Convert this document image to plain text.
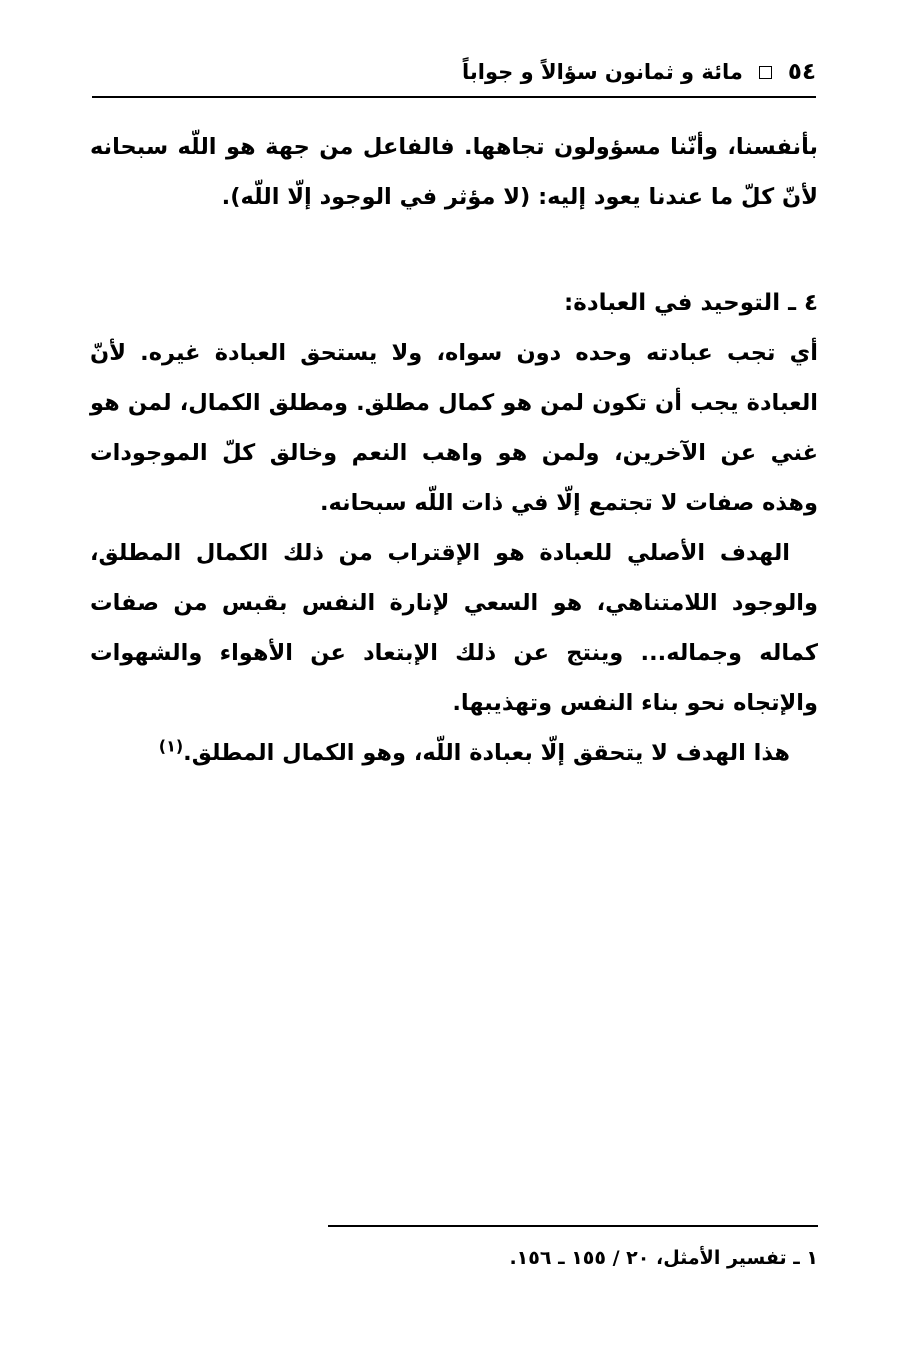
٥٤
مائة و ثمانون سؤالاً و جواباً

بأنفسنا، وأنّنا مسؤولون تجاهها. فالفاعل من جهة هو اللّه سبحانه لأنّ كلّ ما عندنا يعود إليه: (لا مؤثر في الوجود إلّا اللّه).

٤ ـ التوحيد في العبادة:

أي تجب عبادته وحده دون سواه، ولا يستحق العبادة غيره. لأنّ العبادة يجب أن تكون لمن هو كمال مطلق. ومطلق الكمال، لمن هو غني عن الآخرين، ولمن هو واهب النعم وخالق كلّ الموجودات وهذه صفات لا تجتمع إلّا في ذات اللّه سبحانه.

الهدف الأصلي للعبادة هو الإقتراب من ذلك الكمال المطلق، والوجود اللامتناهي، هو السعي لإنارة النفس بقبس من صفات كماله وجماله... وينتج عن ذلك الإبتعاد عن الأهواء والشهوات والإتجاه نحو بناء النفس وتهذيبها.

هذا الهدف لا يتحقق إلّا بعبادة اللّه، وهو الكمال المطلق.$^{(١)}$

١ ـ تفسير الأمثل، ٢٠ / ١٥٥ ـ ١٥٦.
